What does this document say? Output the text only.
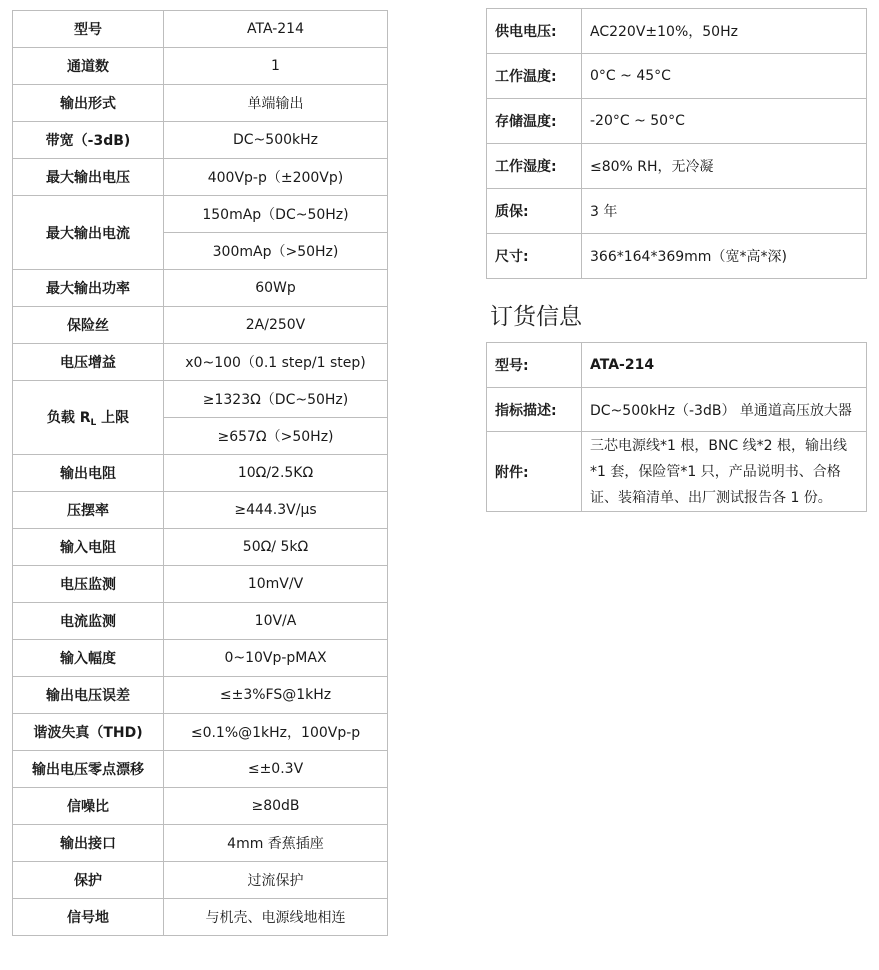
型号	ATA-214
通道数	1
输出形式	单端输出
带宽（-3dB)	DC~500kHz
最大输出电压	400Vp-p（±200Vp)
最大输出电流	150mAp（DC~50Hz)
	300mAp（>50Hz)
最大输出功率	60Wp
保险丝	2A/250V
电压增益	x0~100（0.1 step/1 step)
负载 $R_L$ 上限	≥1323Ω（DC~50Hz)
	≥657Ω（>50Hz)
输出电阻	10Ω/2.5KΩ
压摆率	≥444.3V/μs
输入电阻	50Ω/ 5kΩ
电压监测	10mV/V
电流监测	10V/A
输入幅度	0~10Vp-pMAX
输出电压误差	≤±3%FS@1kHz
谐波失真（THD)	≤0.1%@1kHz，100Vp-p
输出电压零点漂移	≤±0.3V
信噪比	≥80dB
输出接口	4mm 香蕉插座
保护	过流保护
信号地	与机壳、电源线地相连
供电电压:	AC220V±10%，50Hz
工作温度:	0°C ~ 45°C
存储温度:	-20°C ~ 50°C
工作湿度:	≤80% RH，无冷凝
质保:	3 年
尺寸:	366*164*369mm（宽*高*深)
订货信息
型号:	ATA-214
指标描述:	DC~500kHz（-3dB） 单通道高压放大器
附件:	三芯电源线*1 根，BNC 线*2 根，输出线*1 套，保险管*1 只，产品说明书、合格证、装箱清单、出厂测试报告各 1 份。
